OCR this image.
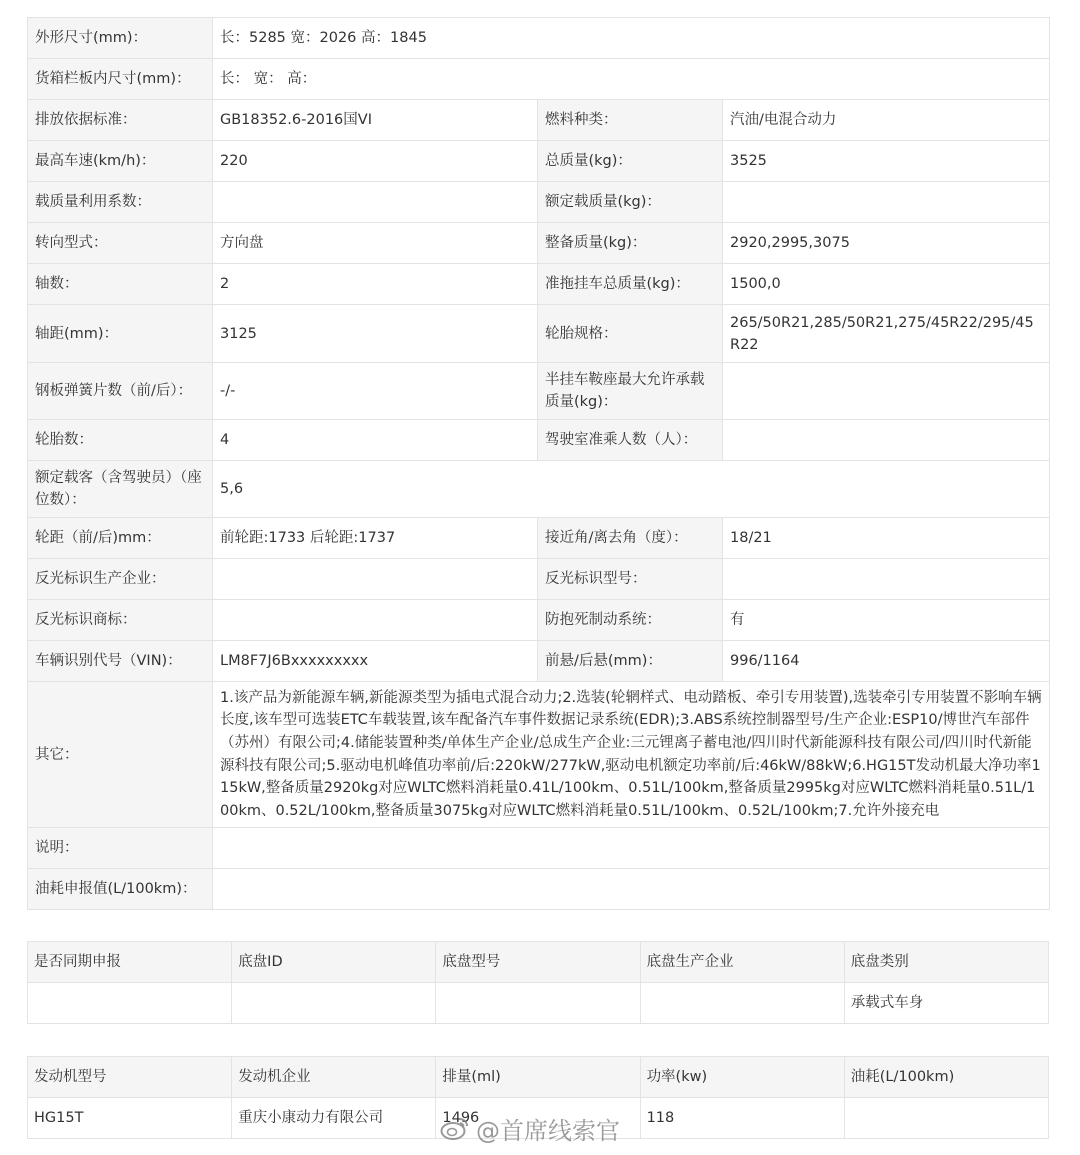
外形尺寸(mm)：	长：5285 宽：2026 高：1845		
货箱栏板内尺寸(mm)：	长： 宽： 高：		
排放依据标准：	GB18352.6-2016国VI	燃料种类：	汽油/电混合动力
最高车速(km/h)：	220	总质量(kg)：	3525
载质量利用系数：		额定载质量(kg)：	
转向型式：	方向盘	整备质量(kg)：	2920,2995,3075
轴数：	2	准拖挂车总质量(kg)：	1500,0
轴距(mm)：	3125	轮胎规格：	265/50R21,285/50R21,275/45R22/295/45R22
钢板弹簧片数（前/后）：	-/-	半挂车鞍座最大允许承载质量(kg)：	
轮胎数：	4	驾驶室准乘人数（人）：	
额定载客（含驾驶员）（座位数）：	5,6		
轮距（前/后)mm：	前轮距:1733 后轮距:1737	接近角/离去角（度）：	18/21
反光标识生产企业：		反光标识型号：	
反光标识商标：		防抱死制动系统：	有
车辆识别代号（VIN)：	LM8F7J6Bxxxxxxxxx	前悬/后悬(mm)：	996/1164
其它：	1.该产品为新能源车辆,新能源类型为插电式混合动力;2.选装(轮辋样式、电动踏板、牵引专用装置),选装牵引专用装置不影响车辆长度,该车型可选装ETC车载装置,该车配备汽车事件数据记录系统(EDR);3.ABS系统控制器型号/生产企业:ESP10/博世汽车部件（苏州）有限公司;4.储能装置种类/单体生产企业/总成生产企业:三元锂离子蓄电池/四川时代新能源科技有限公司/四川时代新能源科技有限公司;5.驱动电机峰值功率前/后:220kW/277kW,驱动电机额定功率前/后:46kW/88kW;6.HG15T发动机最大净功率115kW,整备质量2920kg对应WLTC燃料消耗量0.41L/100km、0.51L/100km,整备质量2995kg对应WLTC燃料消耗量0.51L/100km、0.52L/100km,整备质量3075kg对应WLTC燃料消耗量0.51L/100km、0.52L/100km;7.允许外接充电		
说明：			
油耗申报值(L/100km)：			
是否同期申报	底盘ID	底盘型号	底盘生产企业	底盘类别
				承载式车身
发动机型号	发动机企业	排量(ml)	功率(kw)	油耗(L/100km)
HG15T	重庆小康动力有限公司	1496	118	
@首席线索官
